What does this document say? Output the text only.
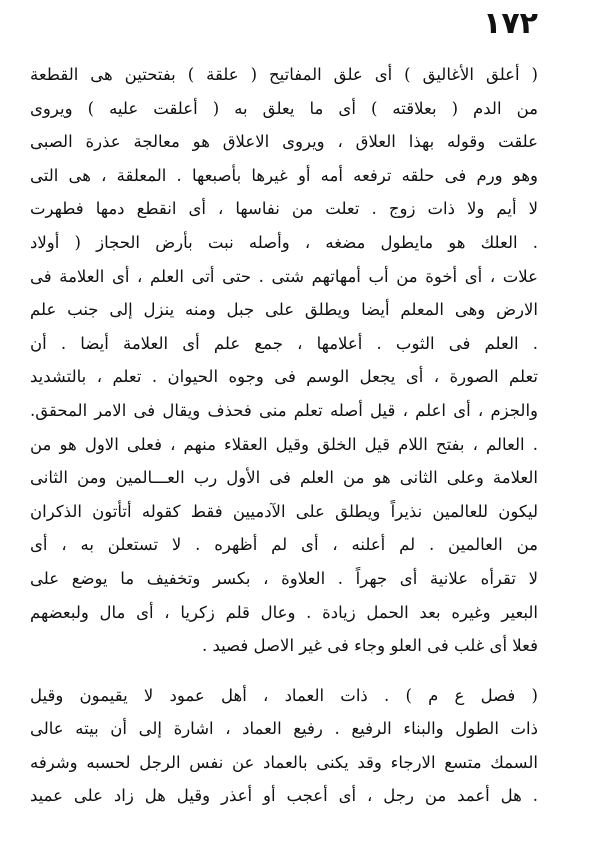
١٧٢
( أعلق الأغاليق ) أى علق المفاتيح ( علقة ) بفتحتين هى القطعة
من الدم ( بعلاقته ) أى ما يعلق به ( أعلقت عليه ) ويروى
علقت وقوله بهذا العلاق ، ويروى الاعلاق هو معالجة عذرة الصبى
وهو ورم فى حلقه ترفعه أمه أو غيرها بأصبعها . المعلقة ، هى التى
لا أيم ولا ذات زوج . تعلت من نفاسها ، أى انقطع دمها فطهرت
. العلك هو مايطول مضغه ، وأصله نبت بأرض الحجاز ( أولاد
علات ، أى أخوة من أب أمهاتهم شتى . حتى أتى العلم ، أى العلامة فى
الارض وهى المعلم أيضا ويطلق على جبل ومنه ينزل إلى جنب علم
. العلم فى الثوب . أعلامها ، جمع علم أى العلامة أيضا . أن
تعلم الصورة ، أى يجعل الوسم فى وجوه الحيوان . تعلم ، بالتشديد
والجزم ، أى اعلم ، قيل أصله تعلم منى فحذف ويقال فى الامر المحقق.
. العالم ، بفتح اللام قيل الخلق وقيل العقلاء منهم ، فعلى الاول هو من
العلامة وعلى الثانى هو من العلم فى الأول رب العـــالمين ومن الثانى
ليكون للعالمين نذيراً ويطلق على الآدميين فقط كقوله أتأتون الذكران
من العالمين . لم أعلنه ، أى لم أظهره . لا تستعلن به ، أى
لا تقرأه علانية أى جهراً . العلاوة ، بكسر وتخفيف ما يوضع على
البعير وغيره بعد الحمل زيادة . وعال قلم زكريا ، أى مال ولبعضهم
فعلا أى غلب فى العلو وجاء فى غير الاصل فصيد .
( فصل ع م ) . ذات العماد ، أهل عمود لا يقيمون وقيل
ذات الطول والبناء الرفيع . رفيع العماد ، اشارة إلى أن بيته عالى
السمك متسع الارجاء وقد يكنى بالعماد عن نفس الرجل لحسبه وشرفه
. هل أعمد من رجل ، أى أعجب أو أعذر وقيل هل زاد على عميد
